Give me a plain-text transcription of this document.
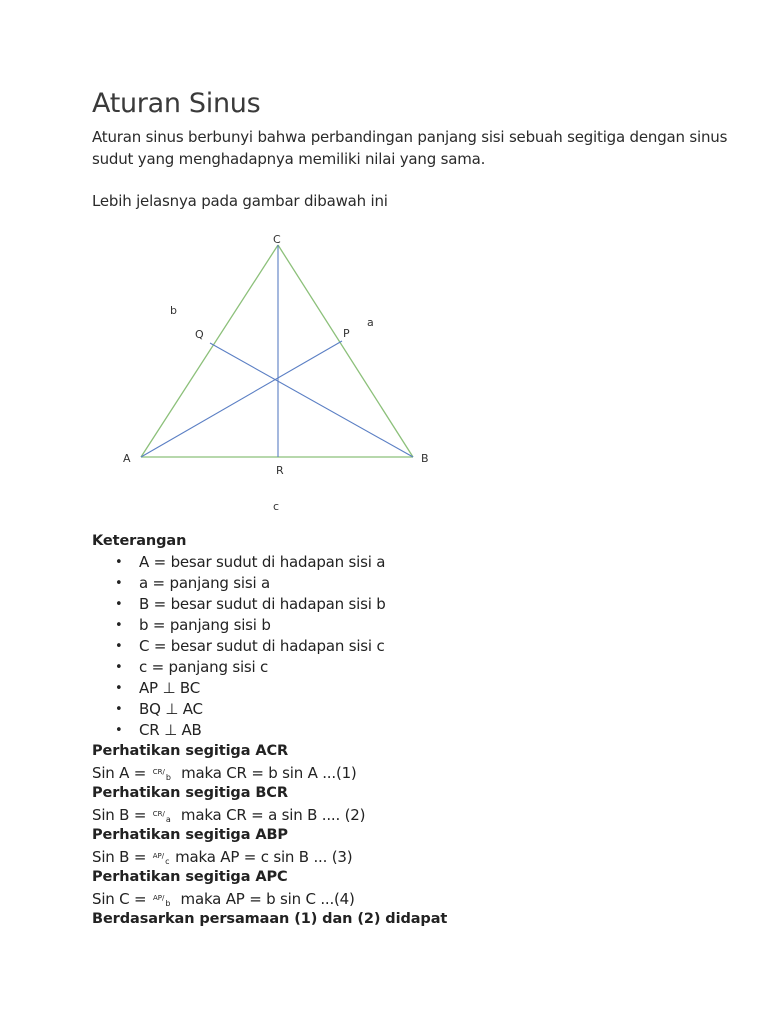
Aturan Sinus

Aturan sinus berbunyi bahwa perbandingan panjang sisi sebuah segitiga dengan sinus sudut yang menghadapnya memiliki nilai yang sama.

Lebih jelasnya pada gambar dibawah ini

C
A	B
Q	P
R
b
a
c
Keterangan
• A = besar sudut di hadapan sisi a
• a = panjang sisi a
• B = besar sudut di hadapan sisi b
• b = panjang sisi b
• C = besar sudut di hadapan sisi c
• c = panjang sisi c
• AP ⊥ BC
• BQ ⊥ AC
• CR ⊥ AB
Perhatikan segitiga ACR
Sin A = CR/b  maka CR = b sin A ...(1)
Perhatikan segitiga BCR
Sin B = CR/a  maka CR = a sin B .... (2)
Perhatikan segitiga ABP
Sin B = AP/c maka AP = c sin B ... (3)
Perhatikan segitiga APC
Sin C = AP/b  maka AP = b sin C ...(4)
Berdasarkan persamaan (1) dan (2) didapat
